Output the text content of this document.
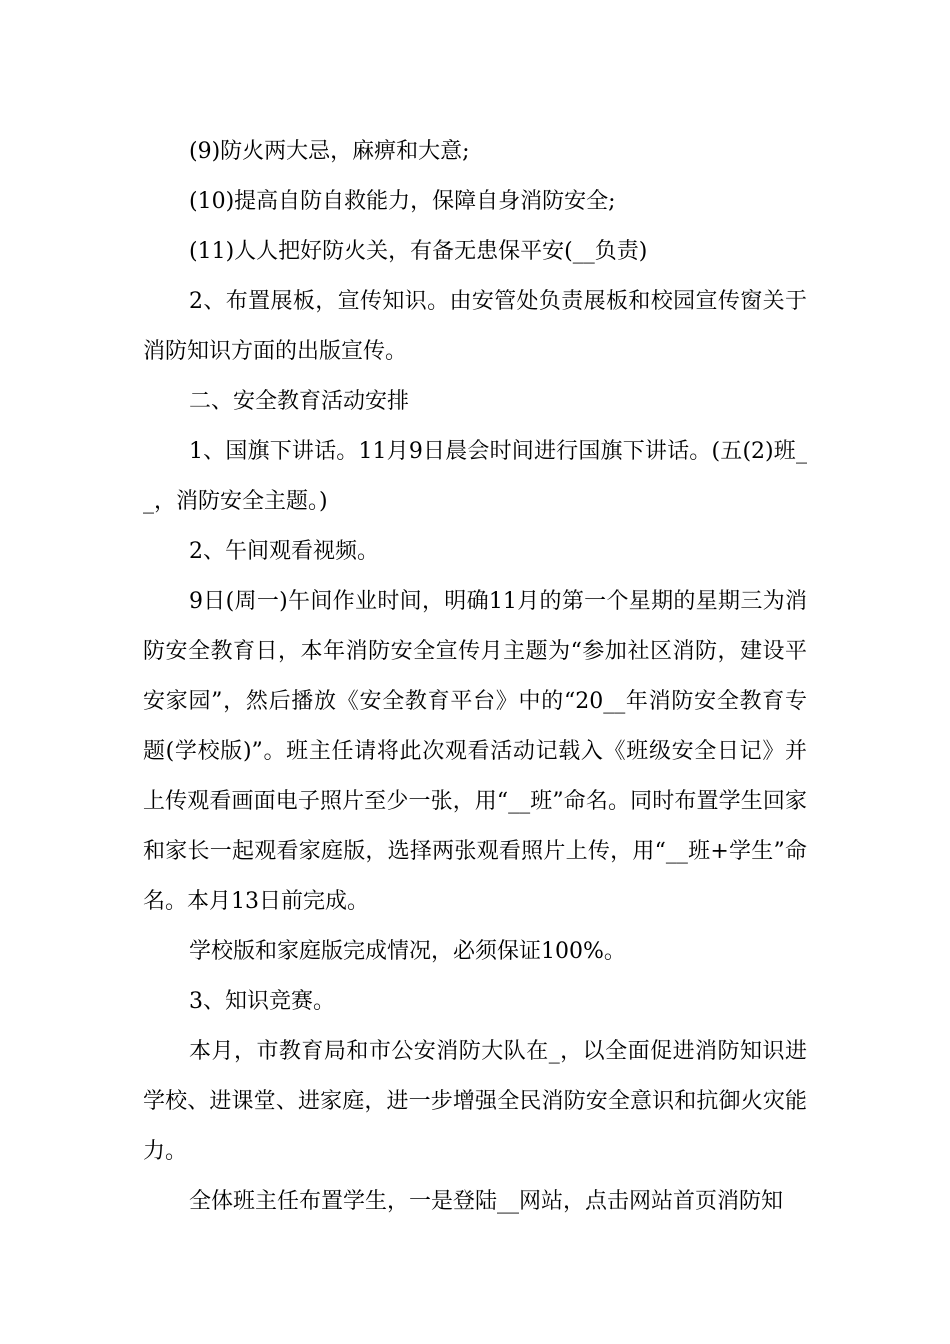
(9)防火两大忌，麻痹和大意;

(10)提高自防自救能力，保障自身消防安全;

(11)人人把好防火关，有备无患保平安(__负责)

2、布置展板，宣传知识。由安管处负责展板和校园宣传窗关于消防知识方面的出版宣传。

二、安全教育活动安排

1、国旗下讲话。11月9日晨会时间进行国旗下讲话。(五(2)班__，消防安全主题。)

2、午间观看视频。

9日(周一)午间作业时间，明确11月的第一个星期的星期三为消防安全教育日，本年消防安全宣传月主题为“参加社区消防，建设平安家园”，然后播放《安全教育平台》中的“20__年消防安全教育专题(学校版)”。班主任请将此次观看活动记载入《班级安全日记》并上传观看画面电子照片至少一张，用“__班”命名。同时布置学生回家和家长一起观看家庭版，选择两张观看照片上传，用“__班+学生”命名。本月13日前完成。

学校版和家庭版完成情况，必须保证100%。

3、知识竞赛。

本月，市教育局和市公安消防大队在_，以全面促进消防知识进学校、进课堂、进家庭，进一步增强全民消防安全意识和抗御火灾能力。

全体班主任布置学生，一是登陆__网站，点击网站首页消防知
